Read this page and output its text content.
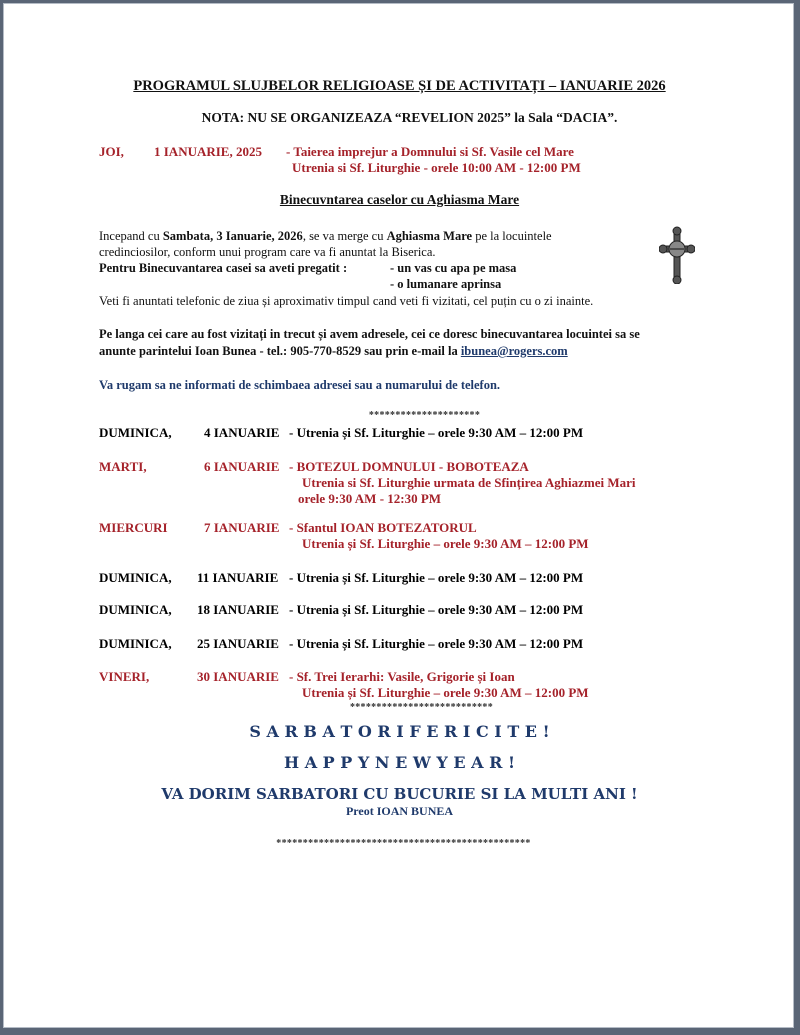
PROGRAMUL SLUJBELOR RELIGIOASE ȘI DE ACTIVITAȚI – IANUARIE 2026
NOTA: NU SE ORGANIZEAZA “REVELION 2025” la Sala “DACIA”.
JOI, 1 IANUARIE, 2025 - Taierea imprejur a Domnului si Sf. Vasile cel Mare
Utrenia si Sf. Liturghie - orele 10:00 AM - 12:00 PM
Binecuvntarea caselor cu Aghiasma Mare
Incepand cu Sambata, 3 Ianuarie, 2026, se va merge cu Aghiasma Mare pe la locuintele
credinciosilor, conform unui program care va fi anuntat la Biserica.
Pentru Binecuvantarea casei sa aveti pregatit :	- un vas cu apa pe masa
- o lumanare aprinsa
Veti fi anuntati telefonic de ziua și aproximativ timpul cand veti fi vizitati, cel puțin cu o zi inainte.
Pe langa cei care au fost vizitați in trecut și avem adresele, cei ce doresc binecuvantarea locuintei sa se
anunte parintelui Ioan Bunea - tel.: 905-770-8529 sau prin e-mail la ibunea@rogers.com
Va rugam sa ne informati de schimbaea adresei sau a numarului de telefon.
*********************
DUMINICA, 4 IANUARIE - Utrenia și Sf. Liturghie – orele 9:30 AM – 12:00 PM
MARTI,	6 IANUARIE - BOTEZUL DOMNULUI - BOBOTEAZA
Utrenia si Sf. Liturghie urmata de Sfințirea Aghiazmei Mari
orele 9:30 AM - 12:30 PM
MIERCURI	7 IANUARIE - Sfantul IOAN BOTEZATORUL
Utrenia și Sf. Liturghie – orele 9:30 AM – 12:00 PM
DUMINICA, 11 IANUARIE - Utrenia și Sf. Liturghie – orele 9:30 AM – 12:00 PM
DUMINICA, 18 IANUARIE - Utrenia și Sf. Liturghie – orele 9:30 AM – 12:00 PM
DUMINICA, 25 IANUARIE - Utrenia și Sf. Liturghie – orele 9:30 AM – 12:00 PM
VINERI,	30 IANUARIE - Sf. Trei Ierarhi: Vasile, Grigorie și Ioan
Utrenia și Sf. Liturghie – orele 9:30 AM – 12:00 PM
***************************
S A R B A T O R I F E R I C I T E !
H A P P Y N E W Y E A R !
VA DORIM SARBATORI CU BUCURIE SI LA MULTI ANI !
Preot IOAN BUNEA
************************************************
